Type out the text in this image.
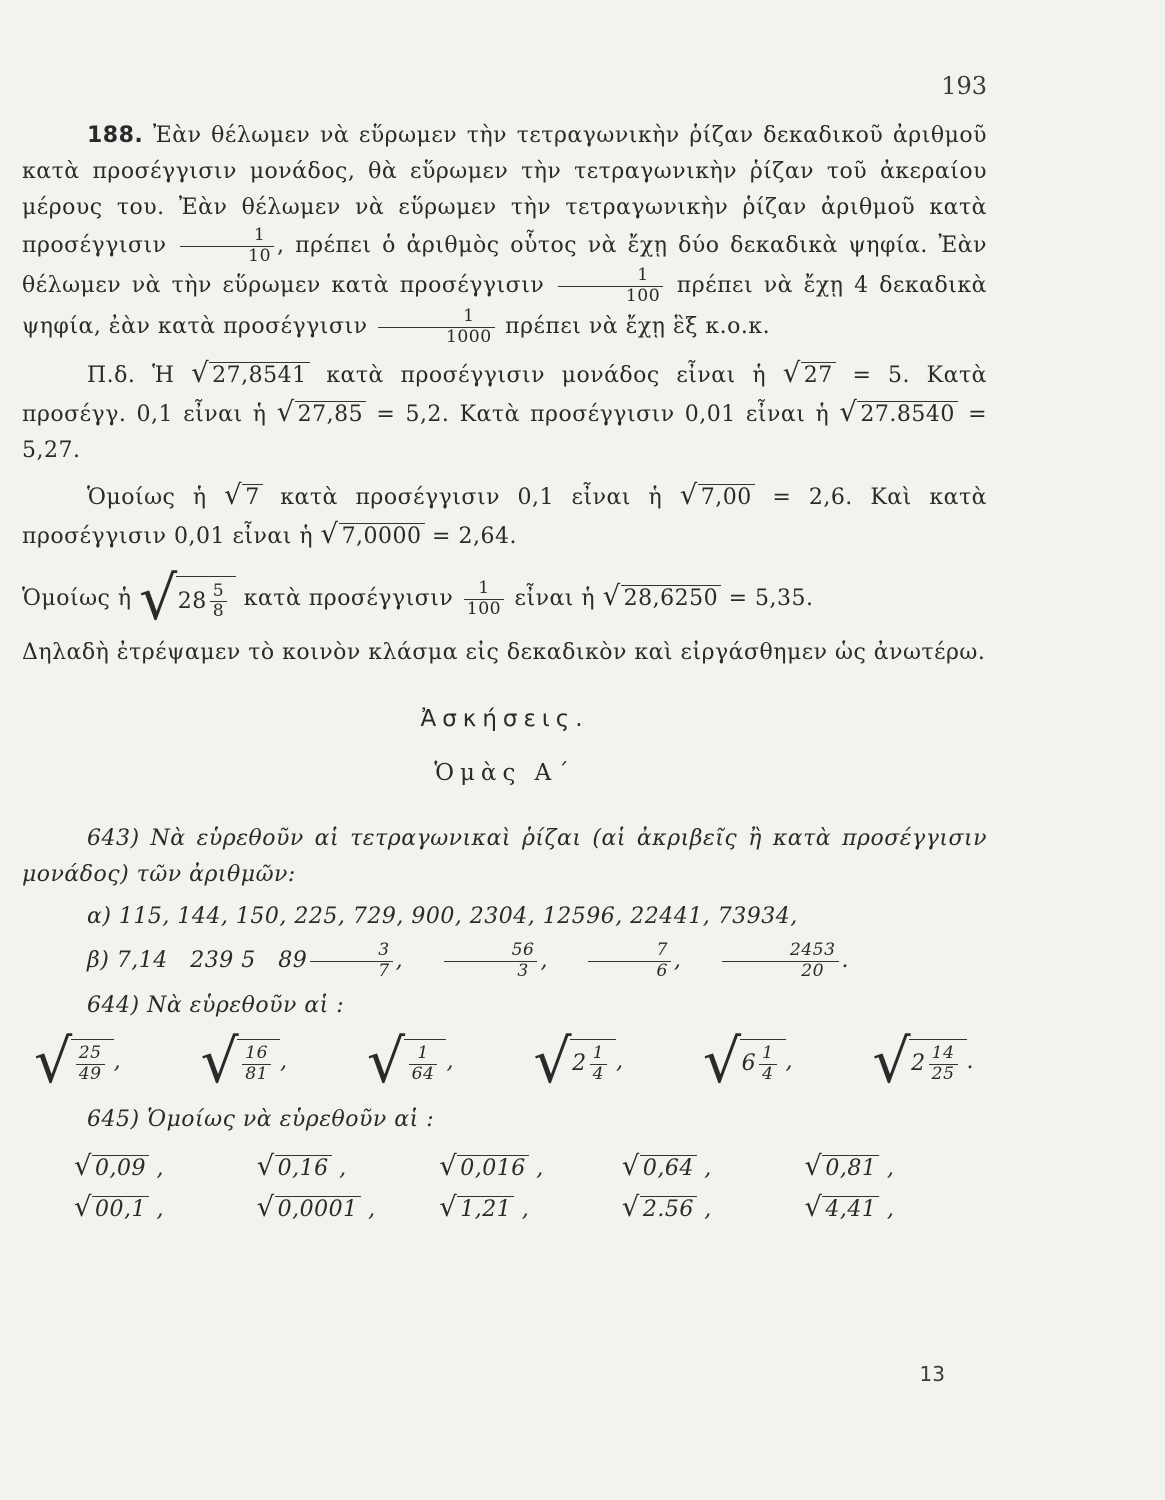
193

188. Ἐὰν θέλωμεν νὰ εὕρωμεν τὴν τετραγωνικὴν ῥίζαν δεκαδικοῦ ἀριθμοῦ κατὰ προσέγγισιν μονάδος, θὰ εὕρωμεν τὴν τετραγωνικὴν ῥίζαν τοῦ ἀκεραίου μέρους του. Ἐὰν θέλωμεν νὰ εὕρωμεν τὴν τετραγωνικὴν ῥίζαν ἀριθμοῦ κατὰ προσέγγισιν $\frac{1}{10}$ , πρέπει ὁ ἀριθμὸς οὗτος νὰ ἔχῃ δύο δεκαδικὰ ψηφία. Ἐὰν θέλωμεν νὰ τὴν εὕρωμεν κατὰ προσέγγισιν $\frac{1}{100}$ πρέπει νὰ ἔχῃ 4 δεκαδικὰ ψηφία, ἐὰν κατὰ προσέγγισιν $\frac{1}{1000}$ πρέπει νὰ ἔχῃ ἓξ κ.ο.κ.

Π.δ. Ἡ √ 27,8541 κατὰ προσέγγισιν μονάδος εἶναι ἡ √ 27 = 5. Κατὰ προσέγγ. 0,1 εἶναι ἡ √ 27,85 = 5,2. Κατὰ προσέγγισιν 0,01 εἶναι ἡ √ 27.8540 = 5,27.

Ὁμοίως ἡ √ 7 κατὰ προσέγγισιν 0,1 εἶναι ἡ √ 7,00 = 2,6. Καὶ κατὰ προσέγγισιν 0,01 εἶναι ἡ √ 7,0000 = 2,64.

Ὁμοίως ἡ √ $28 \frac{5}{8}$ κατὰ προσέγγισιν $\frac{1}{100}$ εἶναι ἡ √ 28,6250 = 5,35.

Δηλαδὴ ἐτρέψαμεν τὸ κοινὸν κλάσμα εἰς δεκαδικὸν καὶ εἰργάσθημεν ὡς ἀνωτέρω.

Ἀσκήσεις.

Ὁμὰς Α΄

643) Νὰ εὑρεθοῦν αἱ τετραγωνικαὶ ῥίζαι (αἱ ἀκριβεῖς ἢ κατὰ προσέγγισιν μονάδος) τῶν ἀριθμῶν:

α) 115, 144, 150, 225, 729, 900, 2304, 12596, 22441, 73934,

β) 7,14   239 5 $89 \frac{3}{7}$ , $\frac{56}{3}$ , $\frac{7}{6}$ , $\frac{2453}{20}$ .

644) Νὰ εὑρεθοῦν αἱ :

√ $\frac{25}{49}$ , √ $\frac{16}{81}$ , √ $\frac{1}{64}$ , √ $2 \frac{1}{4}$ , √ $6 \frac{1}{4}$ , √ $2 \frac{14}{25}$ .

645) Ὁμοίως νὰ εὑρεθοῦν αἱ :

√ 0,09 ,	√ 0,16 ,	√ 0,016 ,	√ 0,64 ,	√ 0,81 ,
√ 00,1 ,	√ 0,0001 ,	√ 1,21 ,	√ 2.56 ,	√ 4,41 ,
13
